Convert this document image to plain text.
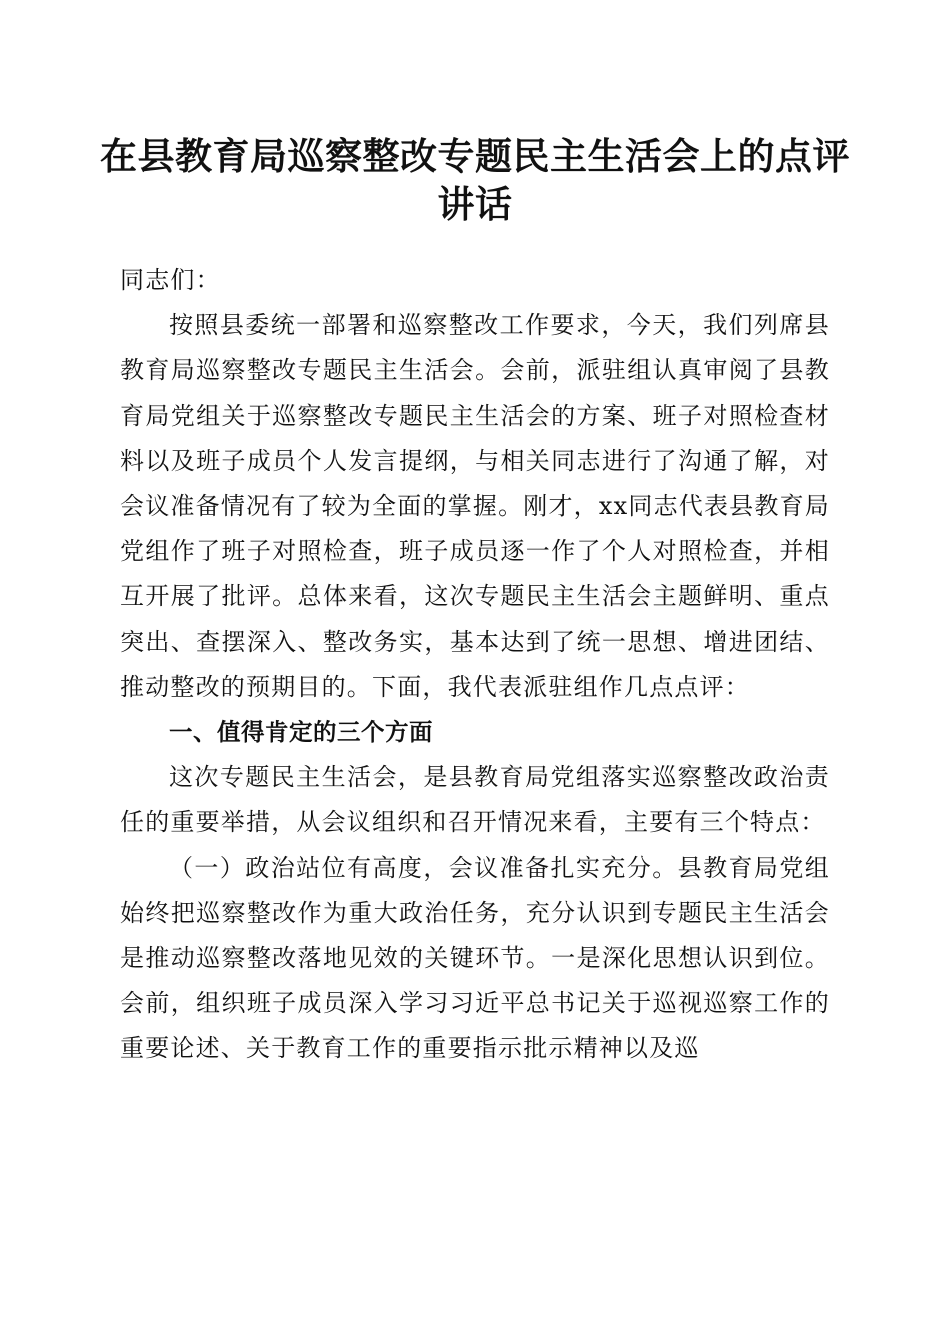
在县教育局巡察整改专题民主生活会上的点评讲话

同志们：

按照县委统一部署和巡察整改工作要求，今天，我们列席县教育局巡察整改专题民主生活会。会前，派驻组认真审阅了县教育局党组关于巡察整改专题民主生活会的方案、班子对照检查材料以及班子成员个人发言提纲，与相关同志进行了沟通了解，对会议准备情况有了较为全面的掌握。刚才，xx同志代表县教育局党组作了班子对照检查，班子成员逐一作了个人对照检查，并相互开展了批评。总体来看，这次专题民主生活会主题鲜明、重点突出、查摆深入、整改务实，基本达到了统一思想、增进团结、推动整改的预期目的。下面，我代表派驻组作几点点评：

一、值得肯定的三个方面

这次专题民主生活会，是县教育局党组落实巡察整改政治责任的重要举措，从会议组织和召开情况来看，主要有三个特点：

（一）政治站位有高度，会议准备扎实充分。县教育局党组始终把巡察整改作为重大政治任务，充分认识到专题民主生活会是推动巡察整改落地见效的关键环节。一是深化思想认识到位。会前，组织班子成员深入学习习近平总书记关于巡视巡察工作的重要论述、关于教育工作的重要指示批示精神以及巡
